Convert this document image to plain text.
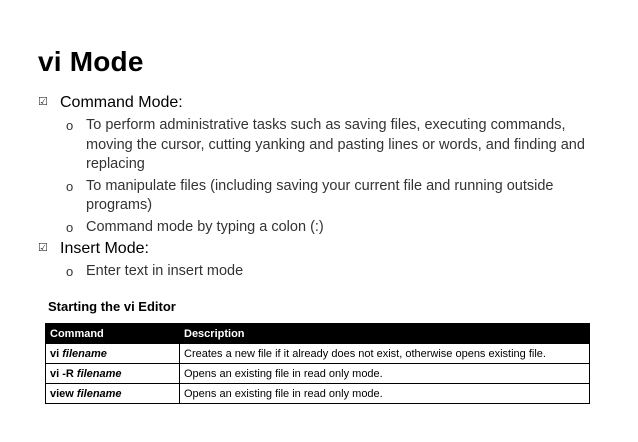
vi Mode
☑ Command Mode:
o To perform administrative tasks such as saving files, executing commands, moving the cursor, cutting yanking and pasting lines or words, and finding and replacing
o To manipulate files (including saving your current file and running outside programs)
o Command mode by typing a colon (:)
☑ Insert Mode:
o Enter text in insert mode
Starting the vi Editor
Command	Description
vi filename	Creates a new file if it already does not exist, otherwise opens existing file.
vi -R filename	Opens an existing file in read only mode.
view filename	Opens an existing file in read only mode.
